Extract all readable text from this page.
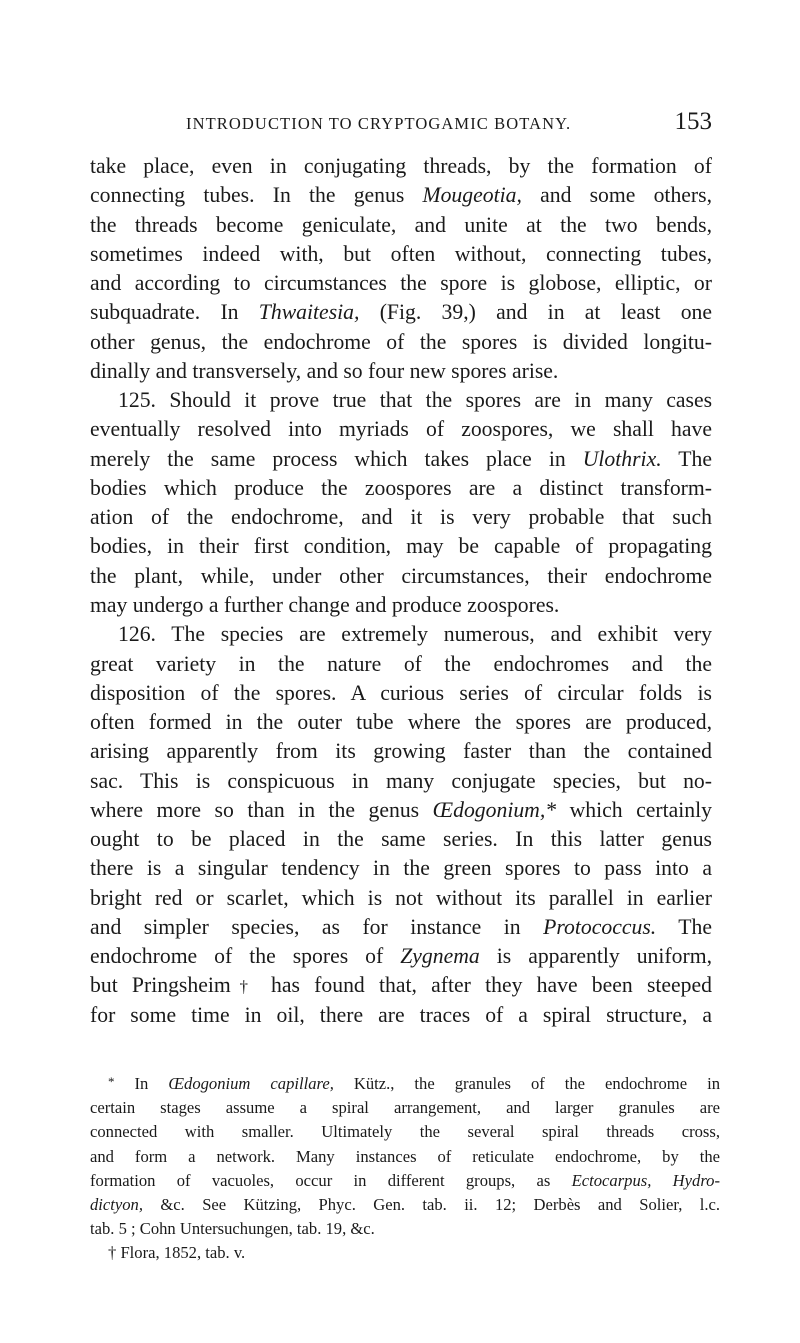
INTRODUCTION TO CRYPTOGAMIC BOTANY.	153
take place, even in conjugating threads, by the formation of
connecting tubes. In the genus Mougeotia, and some others,
the threads become geniculate, and unite at the two bends,
sometimes indeed with, but often without, connecting tubes,
and according to circumstances the spore is globose, elliptic, or
subquadrate. In Thwaitesia, (Fig. 39,) and in at least one
other genus, the endochrome of the spores is divided longitu-
dinally and transversely, and so four new spores arise.
125. Should it prove true that the spores are in many cases
eventually resolved into myriads of zoospores, we shall have
merely the same process which takes place in Ulothrix. The
bodies which produce the zoospores are a distinct transform-
ation of the endochrome, and it is very probable that such
bodies, in their first condition, may be capable of propagating
the plant, while, under other circumstances, their endochrome
may undergo a further change and produce zoospores.
126. The species are extremely numerous, and exhibit very
great variety in the nature of the endochromes and the
disposition of the spores. A curious series of circular folds is
often formed in the outer tube where the spores are produced,
arising apparently from its growing faster than the contained
sac. This is conspicuous in many conjugate species, but no-
where more so than in the genus Œdogonium,* which certainly
ought to be placed in the same series. In this latter genus
there is a singular tendency in the green spores to pass into a
bright red or scarlet, which is not without its parallel in earlier
and simpler species, as for instance in Protococcus. The
endochrome of the spores of Zygnema is apparently uniform,
but Pringsheim† has found that, after they have been steeped
for some time in oil, there are traces of a spiral structure, a
* In Œdogonium capillare, Kütz., the granules of the endochrome in
certain stages assume a spiral arrangement, and larger granules are
connected with smaller. Ultimately the several spiral threads cross,
and form a network. Many instances of reticulate endochrome, by the
formation of vacuoles, occur in different groups, as Ectocarpus, Hydro-
dictyon, &c. See Kützing, Phyc. Gen. tab. ii. 12; Derbès and Solier, l.c.
tab. 5 ; Cohn Untersuchungen, tab. 19, &c.
† Flora, 1852, tab. v.
